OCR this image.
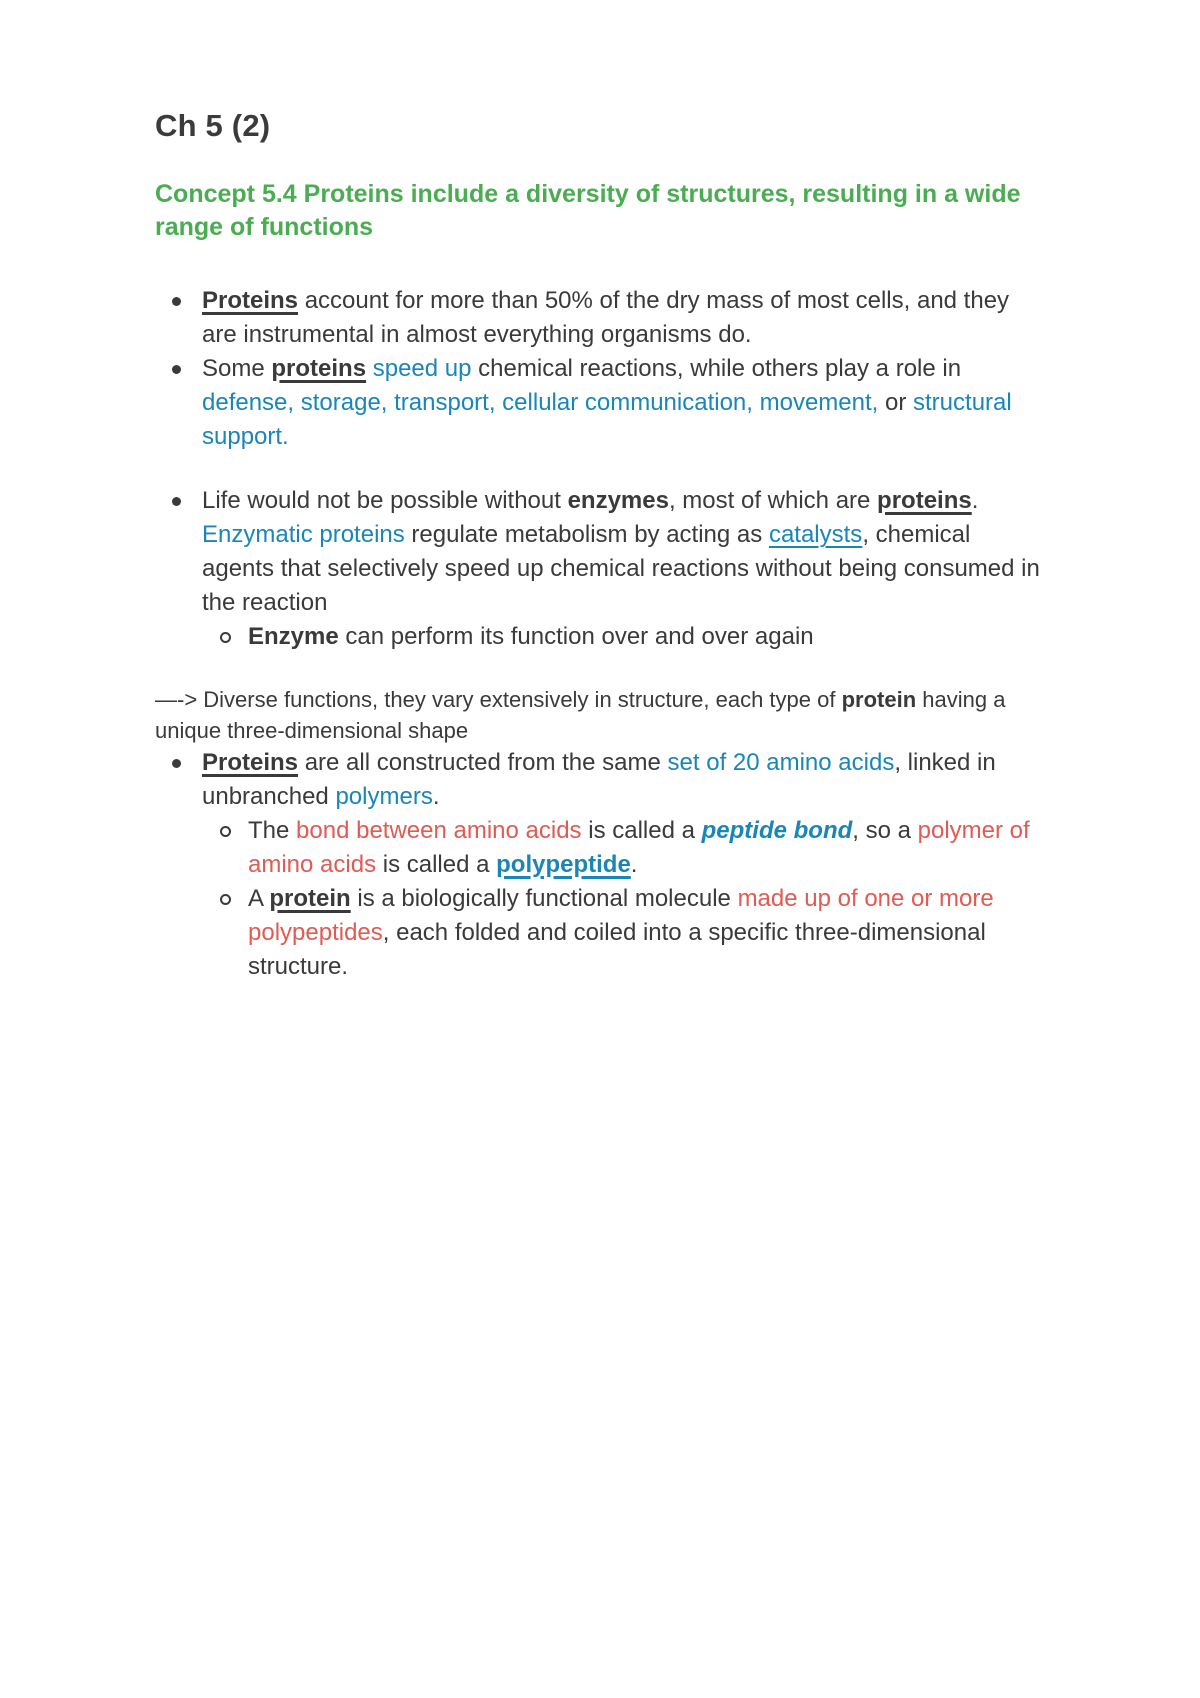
Ch 5 (2)
Concept 5.4 Proteins include a diversity of structures, resulting in a wide range of functions
Proteins account for more than 50% of the dry mass of most cells, and they are instrumental in almost everything organisms do.
Some proteins speed up chemical reactions, while others play a role in defense, storage, transport, cellular communication, movement, or structural support.
Life would not be possible without enzymes, most of which are proteins. Enzymatic proteins regulate metabolism by acting as catalysts, chemical agents that selectively speed up chemical reactions without being consumed in the reaction
Enzyme can perform its function over and over again

—-> Diverse functions, they vary extensively in structure, each type of protein having a unique three-dimensional shape

Proteins are all constructed from the same set of 20 amino acids, linked in unbranched polymers.
The bond between amino acids is called a peptide bond, so a polymer of amino acids is called a polypeptide.
A protein is a biologically functional molecule made up of one or more polypeptides, each folded and coiled into a specific three-dimensional structure.
